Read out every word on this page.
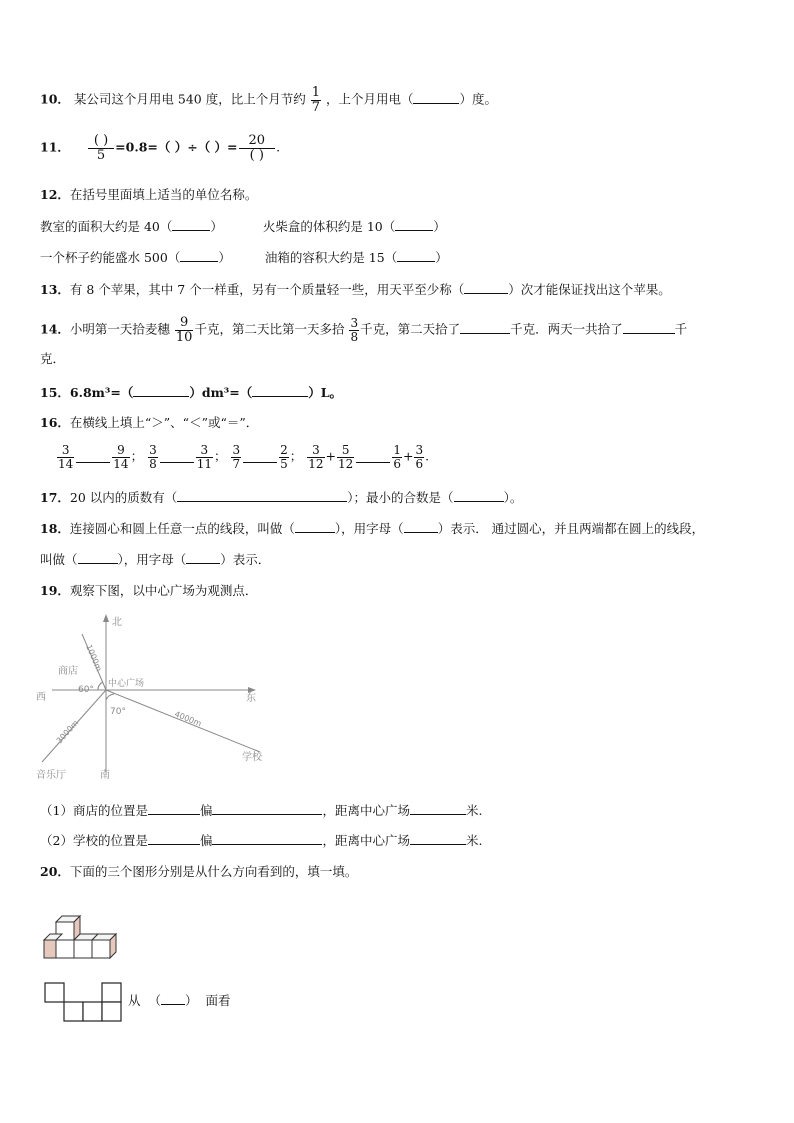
10． 某公司这个月用电 540 度，比上个月节约 $\frac{1}{7}$ ，上个月用电（	）度。
11． $\frac{( )}{5} =0.8=$（ ）÷（ ）= $\frac{20}{( )}$ .
12．在括号里面填上适当的单位名称。
教室的面积大约是 40（	）	火柴盒的体积约是 10（	）
一个杯子约能盛水 500（	）	油箱的容积大约是 15（	）
13．有 8 个苹果，其中 7 个一样重，另有一个质量轻一些，用天平至少称（	）次才能保证找出这个苹果。
14．小明第一天拾麦穗 $\frac{9}{10}$ 千克，第二天比第一天多拾 $\frac{3}{8}$ 千克，第二天拾了	千克．两天一共拾了	千
克．
15．6.8m³=（	）dm³=（	）L。
16．在横线上填上“＞”、“＜”或“＝”．
$\frac{3}{14}$	$\frac{9}{14}$ ； $\frac{3}{8}$	$\frac{3}{11}$ ； $\frac{3}{7}$	$\frac{2}{5}$ ； $\frac{3}{12} + \frac{5}{12}$	$\frac{1}{6} + \frac{3}{6}$ .
17．20 以内的质数有（	）；最小的合数是（	）。
18．连接圆心和圆上任意一点的线段，叫做（	），用字母（	）表示． 通过圆心，并且两端都在圆上的线段，
叫做（	），用字母（	）表示．
19．观察下图，以中心广场为观测点．
北
东
西
南
中心广场
商店
学校
音乐厅
60°
70°
1000m
4000m
3000m
（1）商店的位置是	偏	，距离中心广场	米.
（2）学校的位置是	偏	，距离中心广场	米.
20．下面的三个图形分别是从什么方向看到的，填一填。
从 （ ） 面看
